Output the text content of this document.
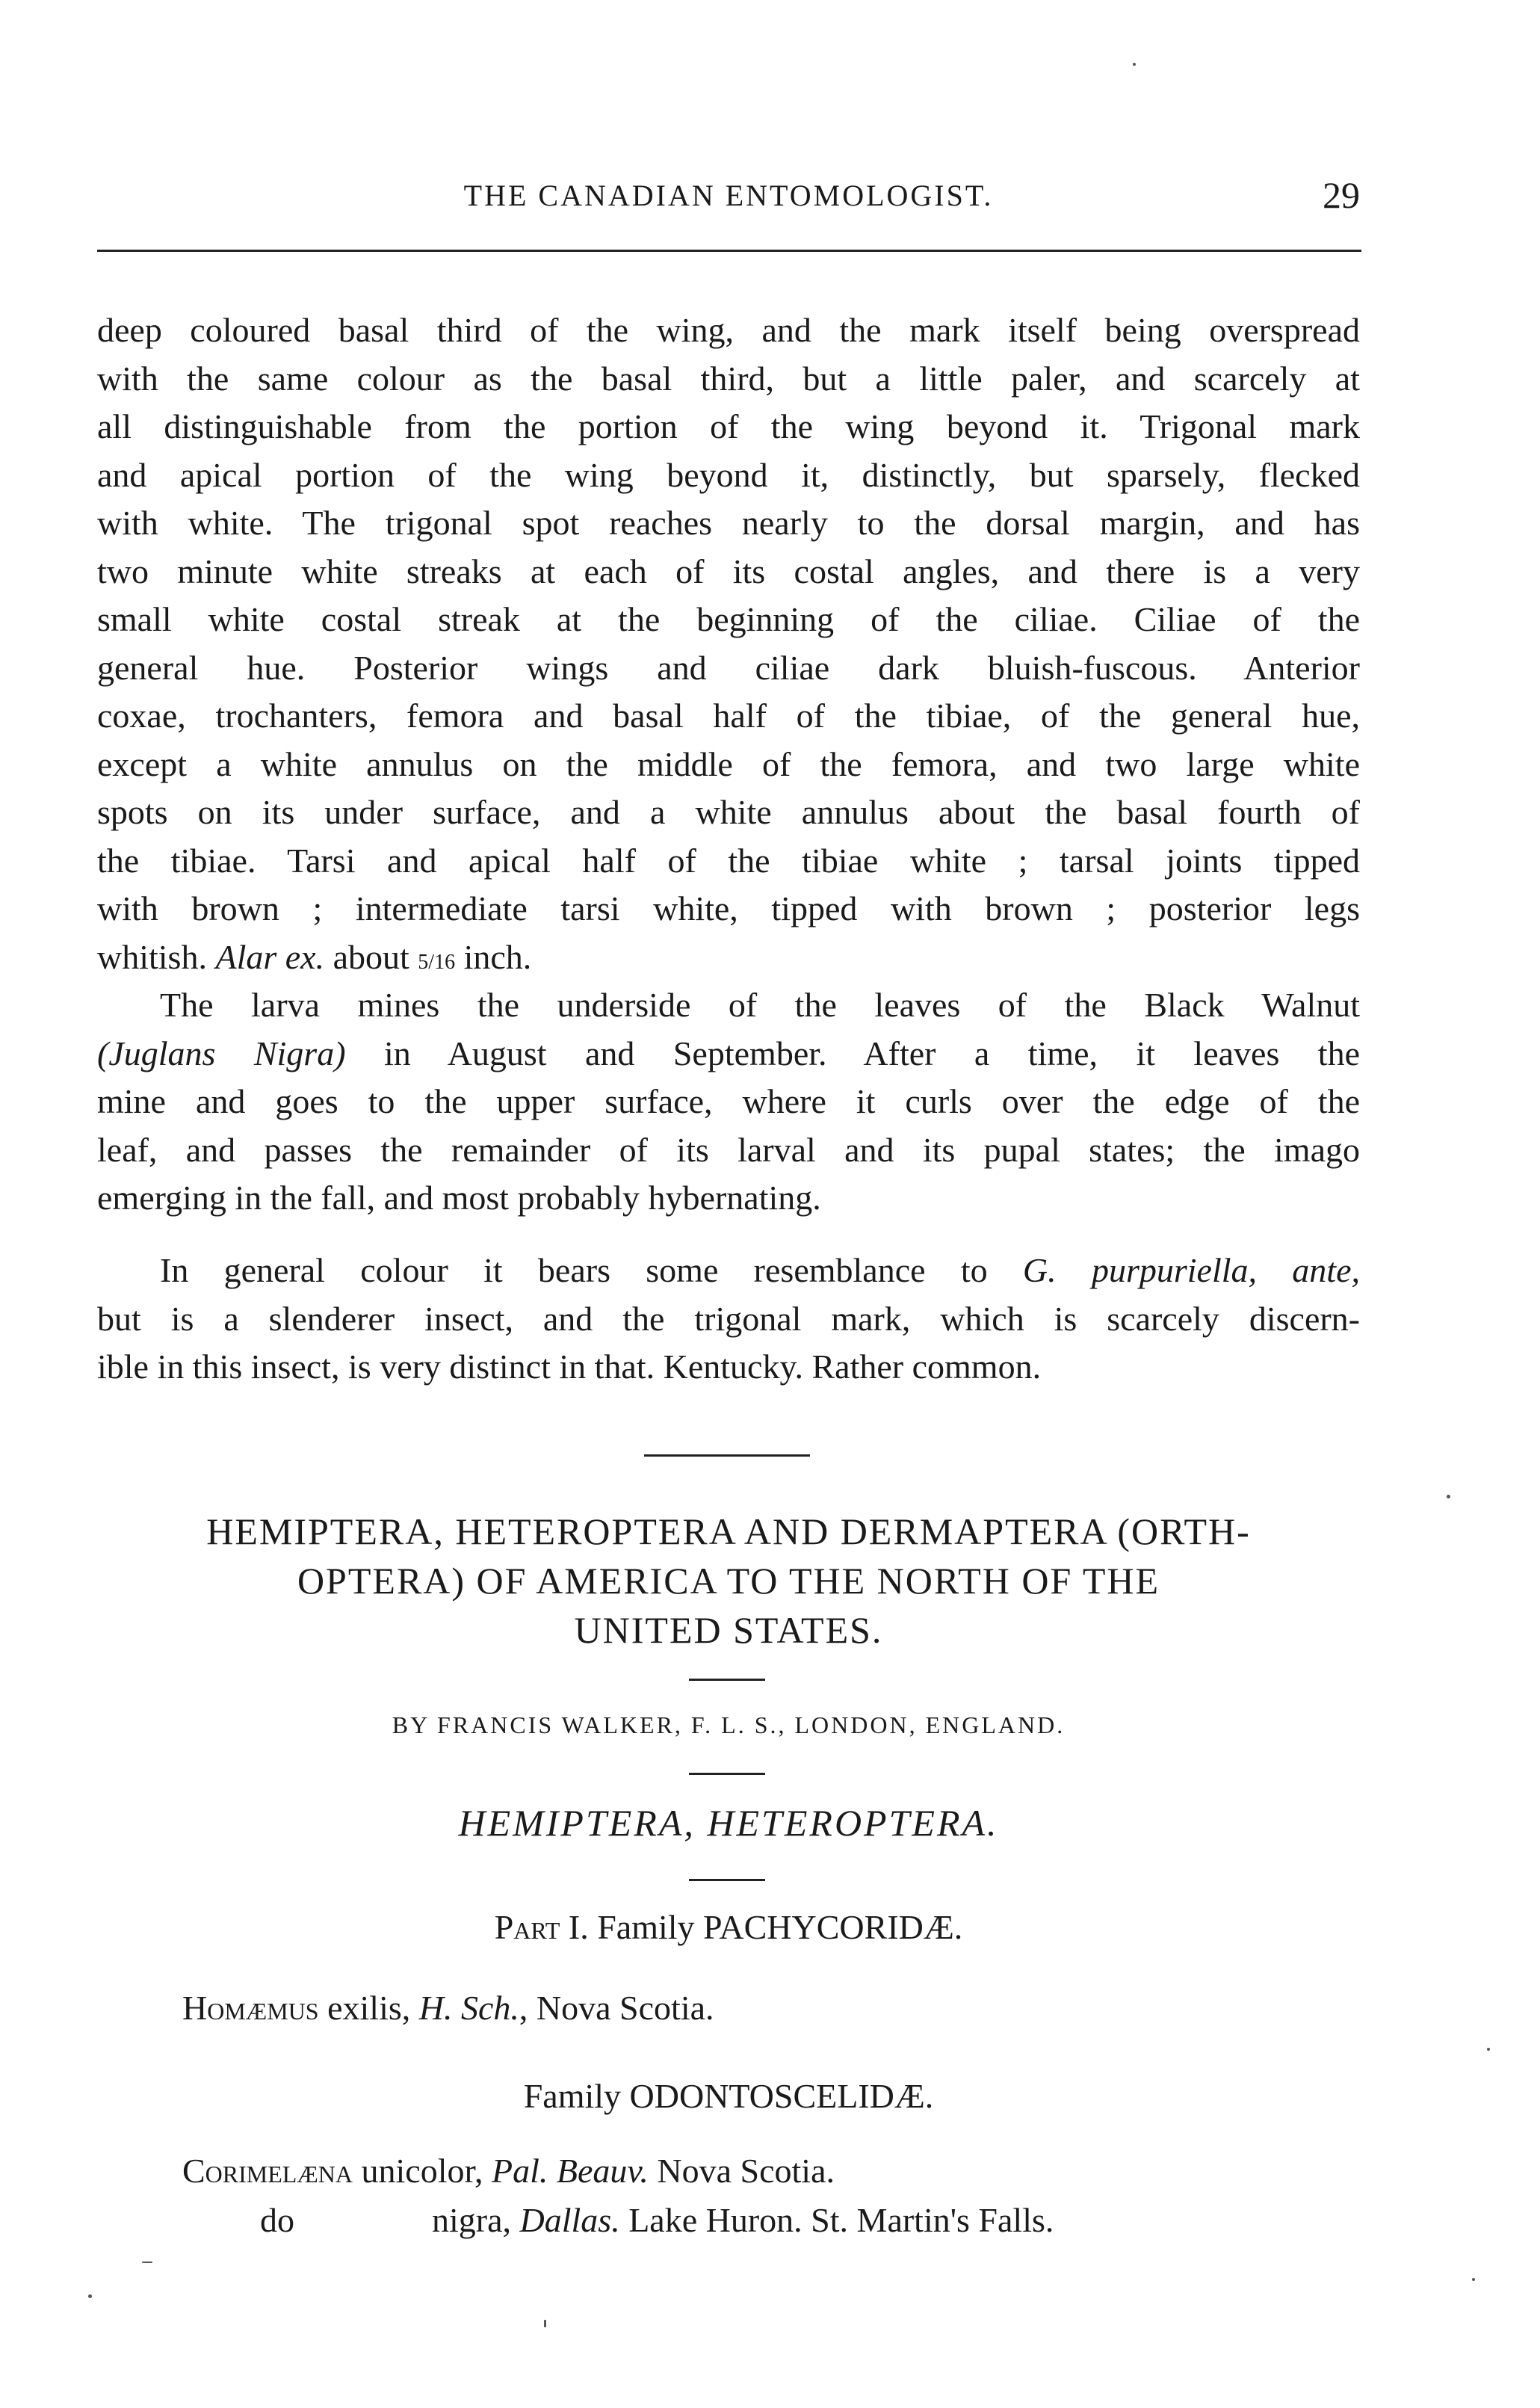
THE CANADIAN ENTOMOLOGIST.	29
deep coloured basal third of the wing, and the mark itself being overspread
with the same colour as the basal third, but a little paler, and scarcely at
all distinguishable from the portion of the wing beyond it. Trigonal mark
and apical portion of the wing beyond it, distinctly, but sparsely, flecked
with white. The trigonal spot reaches nearly to the dorsal margin, and has
two minute white streaks at each of its costal angles, and there is a very
small white costal streak at the beginning of the ciliae. Ciliae of the
general hue. Posterior wings and ciliae dark bluish-fuscous. Anterior
coxae, trochanters, femora and basal half of the tibiae, of the general hue,
except a white annulus on the middle of the femora, and two large white
spots on its under surface, and a white annulus about the basal fourth of
the tibiae. Tarsi and apical half of the tibiae white ; tarsal joints tipped
with brown ; intermediate tarsi white, tipped with brown ; posterior legs
whitish. Alar ex. about 5/16 inch.
The larva mines the underside of the leaves of the Black Walnut
(Juglans Nigra) in August and September. After a time, it leaves the
mine and goes to the upper surface, where it curls over the edge of the
leaf, and passes the remainder of its larval and its pupal states; the imago
emerging in the fall, and most probably hybernating.
In general colour it bears some resemblance to G. purpuriella, ante,
but is a slenderer insect, and the trigonal mark, which is scarcely discern-
ible in this insect, is very distinct in that. Kentucky. Rather common.
HEMIPTERA, HETEROPTERA AND DERMAPTERA (ORTH-
OPTERA) OF AMERICA TO THE NORTH OF THE
UNITED STATES.
BY FRANCIS WALKER, F. L. S., LONDON, ENGLAND.
HEMIPTERA, HETEROPTERA.
Part I. Family PACHYCORIDÆ.
Homæmus exilis, H. Sch., Nova Scotia.
Family ODONTOSCELIDÆ.
Corimelæna unicolor, Pal. Beauv. Nova Scotia.
do	nigra, Dallas. Lake Huron. St. Martin's Falls.
